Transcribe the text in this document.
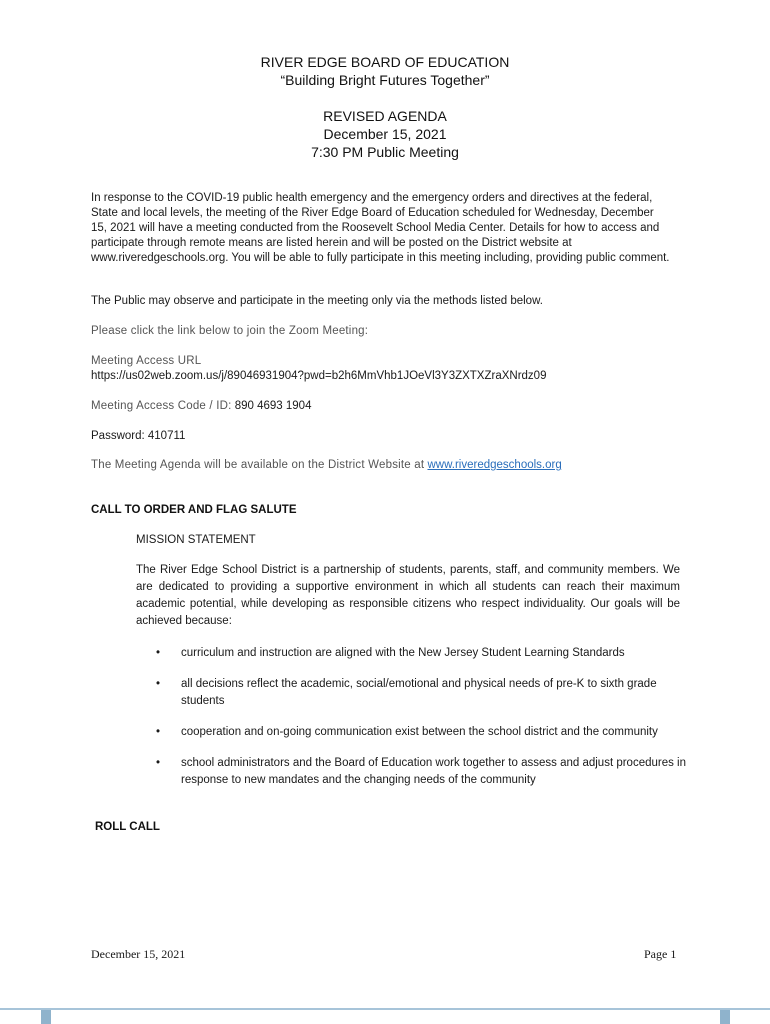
RIVER EDGE BOARD OF EDUCATION
“Building Bright Futures Together”
REVISED AGENDA
December 15, 2021
7:30 PM Public Meeting
In response to the COVID-19 public health emergency and the emergency orders and directives at the federal, State and local levels, the meeting of the River Edge Board of Education scheduled for Wednesday, December 15, 2021 will have a meeting conducted from the Roosevelt School Media Center. Details for how to access and participate through remote means are listed herein and will be posted on the District website at www.riveredgeschools.org. You will be able to fully participate in this meeting including, providing public comment.
The Public may observe and participate in the meeting only via the methods listed below.
Please click the link below to join the Zoom Meeting:
Meeting Access URL
https://us02web.zoom.us/j/89046931904?pwd=b2h6MmVhb1JOeVl3Y3ZXTXZraXNrdz09
Meeting Access Code / ID: 890 4693 1904
Password: 410711
The Meeting Agenda will be available on the District Website at www.riveredgeschools.org
CALL TO ORDER AND FLAG SALUTE
MISSION STATEMENT
The River Edge School District is a partnership of students, parents, staff, and community members. We are dedicated to providing a supportive environment in which all students can reach their maximum academic potential, while developing as responsible citizens who respect individuality. Our goals will be achieved because:
• curriculum and instruction are aligned with the New Jersey Student Learning Standards
• all decisions reflect the academic, social/emotional and physical needs of pre-K to sixth grade students
• cooperation and on-going communication exist between the school district and the community
• school administrators and the Board of Education work together to assess and adjust procedures in response to new mandates and the changing needs of the community
ROLL CALL
December 15, 2021	Page 1
